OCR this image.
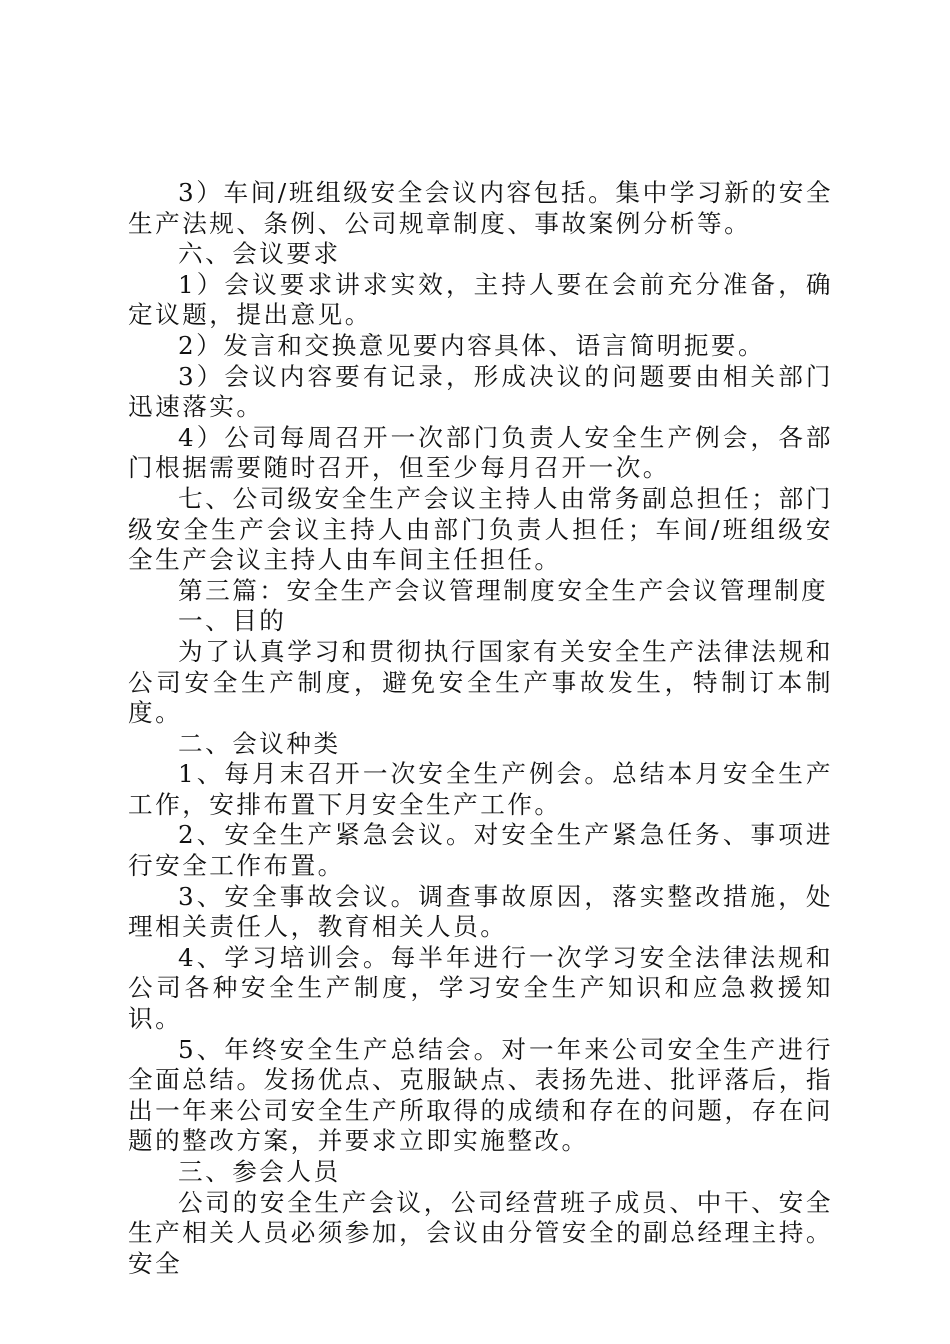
3）车间/班组级安全会议内容包括。集中学习新的安全生产法规、条例、公司规章制度、事故案例分析等。

六、会议要求

1）会议要求讲求实效，主持人要在会前充分准备，确定议题，提出意见。

2）发言和交换意见要内容具体、语言简明扼要。

3）会议内容要有记录，形成决议的问题要由相关部门迅速落实。

4）公司每周召开一次部门负责人安全生产例会，各部门根据需要随时召开，但至少每月召开一次。

七、公司级安全生产会议主持人由常务副总担任；部门级安全生产会议主持人由部门负责人担任；车间/班组级安全生产会议主持人由车间主任担任。

第三篇：安全生产会议管理制度安全生产会议管理制度

一、目的

为了认真学习和贯彻执行国家有关安全生产法律法规和公司安全生产制度，避免安全生产事故发生，特制订本制度。

二、会议种类

1、每月末召开一次安全生产例会。总结本月安全生产工作，安排布置下月安全生产工作。

2、安全生产紧急会议。对安全生产紧急任务、事项进行安全工作布置。

3、安全事故会议。调查事故原因，落实整改措施，处理相关责任人，教育相关人员。

4、学习培训会。每半年进行一次学习安全法律法规和公司各种安全生产制度，学习安全生产知识和应急救援知识。

5、年终安全生产总结会。对一年来公司安全生产进行全面总结。发扬优点、克服缺点、表扬先进、批评落后，指出一年来公司安全生产所取得的成绩和存在的问题，存在问题的整改方案，并要求立即实施整改。

三、参会人员

公司的安全生产会议，公司经营班子成员、中干、安全生产相关人员必须参加，会议由分管安全的副总经理主持。安全
